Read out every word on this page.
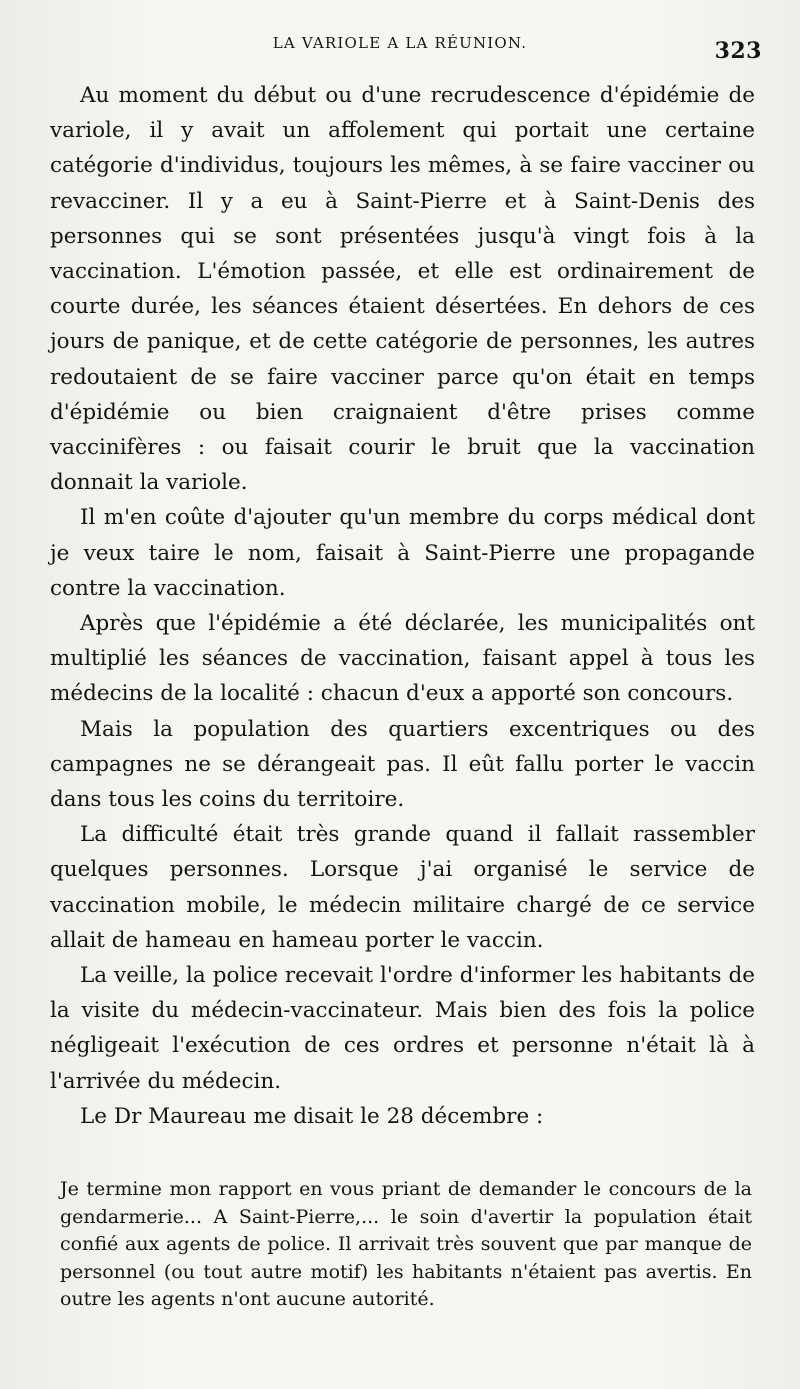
LA VARIOLE A LA RÉUNION.	323

Au moment du début ou d'une recrudescence d'épidémie de variole, il y avait un affolement qui portait une certaine catégorie d'individus, toujours les mêmes, à se faire vacciner ou revacciner. Il y a eu à Saint-Pierre et à Saint-Denis des personnes qui se sont présentées jusqu'à vingt fois à la vaccination. L'émotion passée, et elle est ordinairement de courte durée, les séances étaient désertées. En dehors de ces jours de panique, et de cette catégorie de personnes, les autres redoutaient de se faire vacciner parce qu'on était en temps d'épidémie ou bien craignaient d'être prises comme vaccinifères : ou faisait courir le bruit que la vaccination donnait la variole.

Il m'en coûte d'ajouter qu'un membre du corps médical dont je veux taire le nom, faisait à Saint-Pierre une propagande contre la vaccination.

Après que l'épidémie a été déclarée, les municipalités ont multiplié les séances de vaccination, faisant appel à tous les médecins de la localité : chacun d'eux a apporté son concours.

Mais la population des quartiers excentriques ou des campagnes ne se dérangeait pas. Il eût fallu porter le vaccin dans tous les coins du territoire.

La difficulté était très grande quand il fallait rassembler quelques personnes. Lorsque j'ai organisé le service de vaccination mobile, le médecin militaire chargé de ce service allait de hameau en hameau porter le vaccin.

La veille, la police recevait l'ordre d'informer les habitants de la visite du médecin-vaccinateur. Mais bien des fois la police négligeait l'exécution de ces ordres et personne n'était là à l'arrivée du médecin.

Le Dr Maureau me disait le 28 décembre :

Je termine mon rapport en vous priant de demander le concours de la gendarmerie... A Saint-Pierre,... le soin d'avertir la population était confié aux agents de police. Il arrivait très souvent que par manque de personnel (ou tout autre motif) les habitants n'étaient pas avertis. En outre les agents n'ont aucune autorité.
